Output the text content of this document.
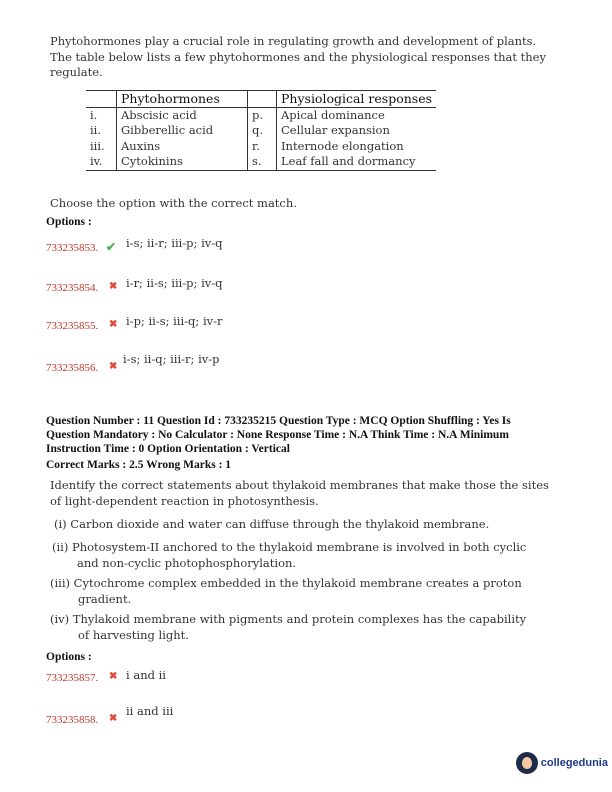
Phytohormones play a crucial role in regulating growth and development of plants.
The table below lists a few phytohormones and the physiological responses that they
regulate.
	Phytohormones		Physiological responses
i.	Abscisic acid	p.	Apical dominance
ii.	Gibberellic acid	q.	Cellular expansion
iii.	Auxins	r.	Internode elongation
iv.	Cytokinins	s.	Leaf fall and dormancy
Choose the option with the correct match.
Options :
733235853. ✔ i-s; ii-r; iii-p; iv-q
733235854. ✖ i-r; ii-s; iii-p; iv-q
733235855. ✖ i-p; ii-s; iii-q; iv-r
733235856. ✖
i-s; ii-q; iii-r; iv-p
Question Number : 11 Question Id : 733235215 Question Type : MCQ Option Shuffling : Yes Is
Question Mandatory : No Calculator : None Response Time : N.A Think Time : N.A Minimum
Instruction Time : 0 Option Orientation : Vertical
Correct Marks : 2.5 Wrong Marks : 1
Identify the correct statements about thylakoid membranes that make those the sites
of light-dependent reaction in photosynthesis.
(i) Carbon dioxide and water can diffuse through the thylakoid membrane.
(ii) Photosystem-II anchored to the thylakoid membrane is involved in both cyclic
and non-cyclic photophosphorylation.
(iii) Cytochrome complex embedded in the thylakoid membrane creates a proton
gradient.
(iv) Thylakoid membrane with pigments and protein complexes has the capability
of harvesting light.
Options :
733235857. ✖ i and ii
733235858. ✖
ii and iii
collegedunia
